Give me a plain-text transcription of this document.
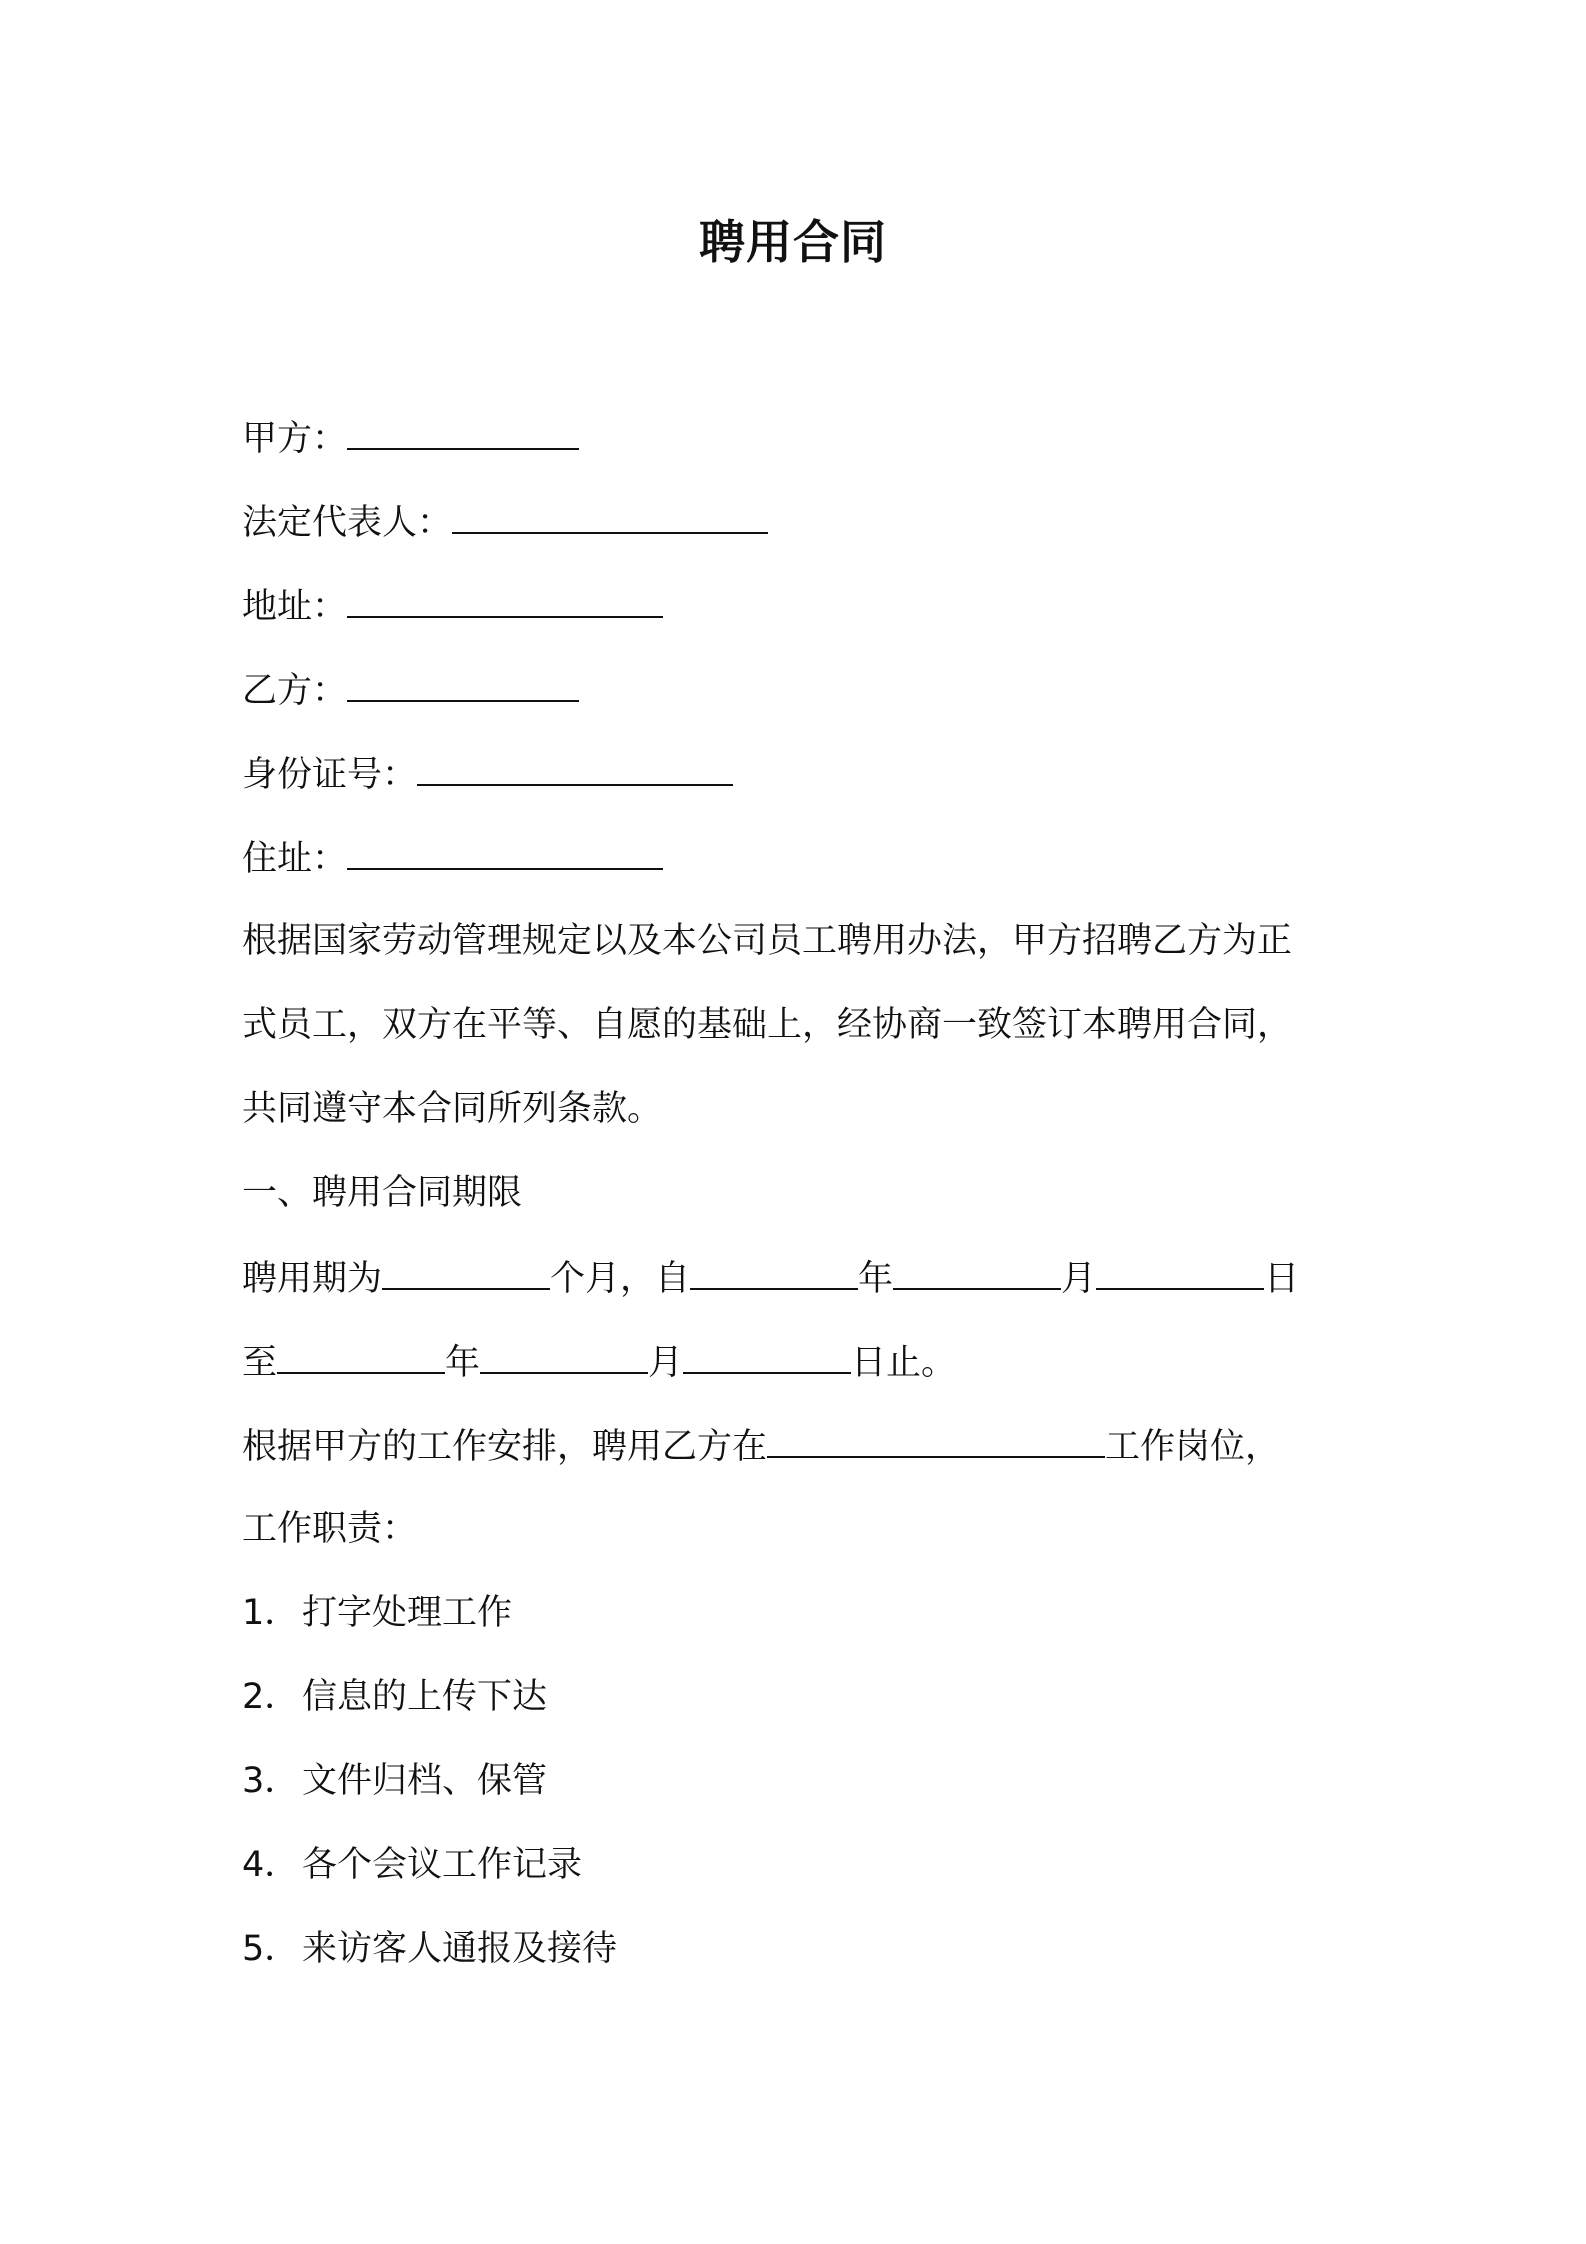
聘用合同
甲方：
法定代表人：
地址：
乙方：
身份证号：
住址：
根据国家劳动管理规定以及本公司员工聘用办法，甲方招聘乙方为正
式员工，双方在平等、自愿的基础上，经协商一致签订本聘用合同，
共同遵守本合同所列条款。
一、聘用合同期限
聘用期为	个月，自	年	月	日
至	年	月	日止。
根据甲方的工作安排，聘用乙方在	工作岗位，
工作职责：
1．打字处理工作
2．信息的上传下达
3．文件归档、保管
4．各个会议工作记录
5．来访客人通报及接待
